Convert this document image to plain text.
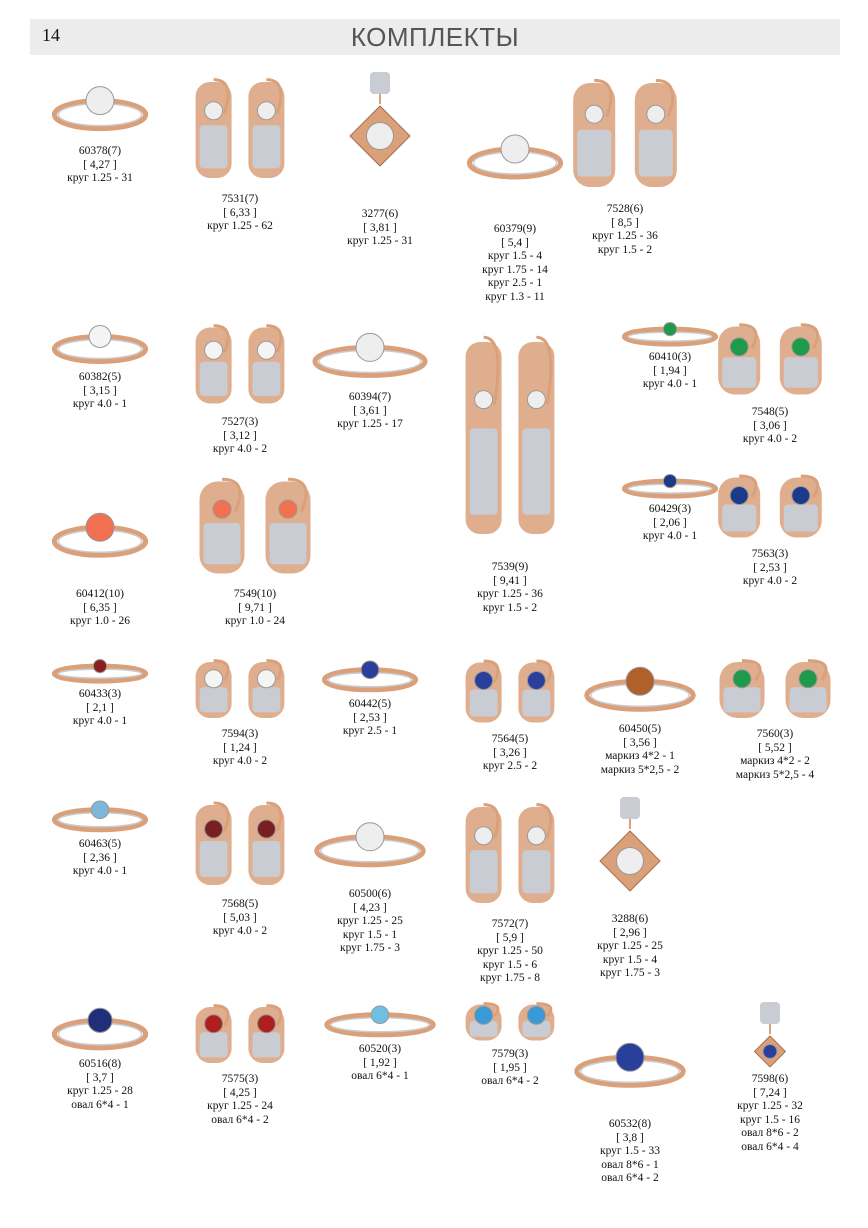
14	КОМПЛЕКТЫ
60378(7)
[ 4,27 ]
круг 1.25 - 31
7531(7)
[ 6,33 ]
круг 1.25 - 62
3277(6)
[ 3,81 ]
круг 1.25 - 31
60379(9)
[ 5,4 ]
круг 1.5 - 4
круг 1.75 - 14
круг 2.5 - 1
круг 1.3 - 11
7528(6)
[ 8,5 ]
круг 1.25 - 36
круг 1.5 - 2
60382(5)
[ 3,15 ]
круг 4.0 - 1
7527(3)
[ 3,12 ]
круг 4.0 - 2
60394(7)
[ 3,61 ]
круг 1.25 - 17
7539(9)
[ 9,41 ]
круг 1.25 - 36
круг 1.5 - 2
60410(3)
[ 1,94 ]
круг 4.0 - 1
7548(5)
[ 3,06 ]
круг 4.0 - 2
60412(10)
[ 6,35 ]
круг 1.0 - 26
7549(10)
[ 9,71 ]
круг 1.0 - 24
60429(3)
[ 2,06 ]
круг 4.0 - 1
7563(3)
[ 2,53 ]
круг 4.0 - 2
60433(3)
[ 2,1 ]
круг 4.0 - 1
7594(3)
[ 1,24 ]
круг 4.0 - 2
60442(5)
[ 2,53 ]
круг 2.5 - 1
7564(5)
[ 3,26 ]
круг 2.5 - 2
60450(5)
[ 3,56 ]
маркиз 4*2 - 1
маркиз 5*2,5 - 2
7560(3)
[ 5,52 ]
маркиз 4*2 - 2
маркиз 5*2,5 - 4
60463(5)
[ 2,36 ]
круг 4.0 - 1
7568(5)
[ 5,03 ]
круг 4.0 - 2
60500(6)
[ 4,23 ]
круг 1.25 - 25
круг 1.5 - 1
круг 1.75 - 3
7572(7)
[ 5,9 ]
круг 1.25 - 50
круг 1.5 - 6
круг 1.75 - 8
3288(6)
[ 2,96 ]
круг 1.25 - 25
круг 1.5 - 4
круг 1.75 - 3
60516(8)
[ 3,7 ]
круг 1.25 - 28
овал 6*4 - 1
7575(3)
[ 4,25 ]
круг 1.25 - 24
овал 6*4 - 2
60520(3)
[ 1,92 ]
овал 6*4 - 1
7579(3)
[ 1,95 ]
овал 6*4 - 2
60532(8)
[ 3,8 ]
круг 1.5 - 33
овал 8*6 - 1
овал 6*4 - 2
7598(6)
[ 7,24 ]
круг 1.25 - 32
круг 1.5 - 16
овал 8*6 - 2
овал 6*4 - 4
